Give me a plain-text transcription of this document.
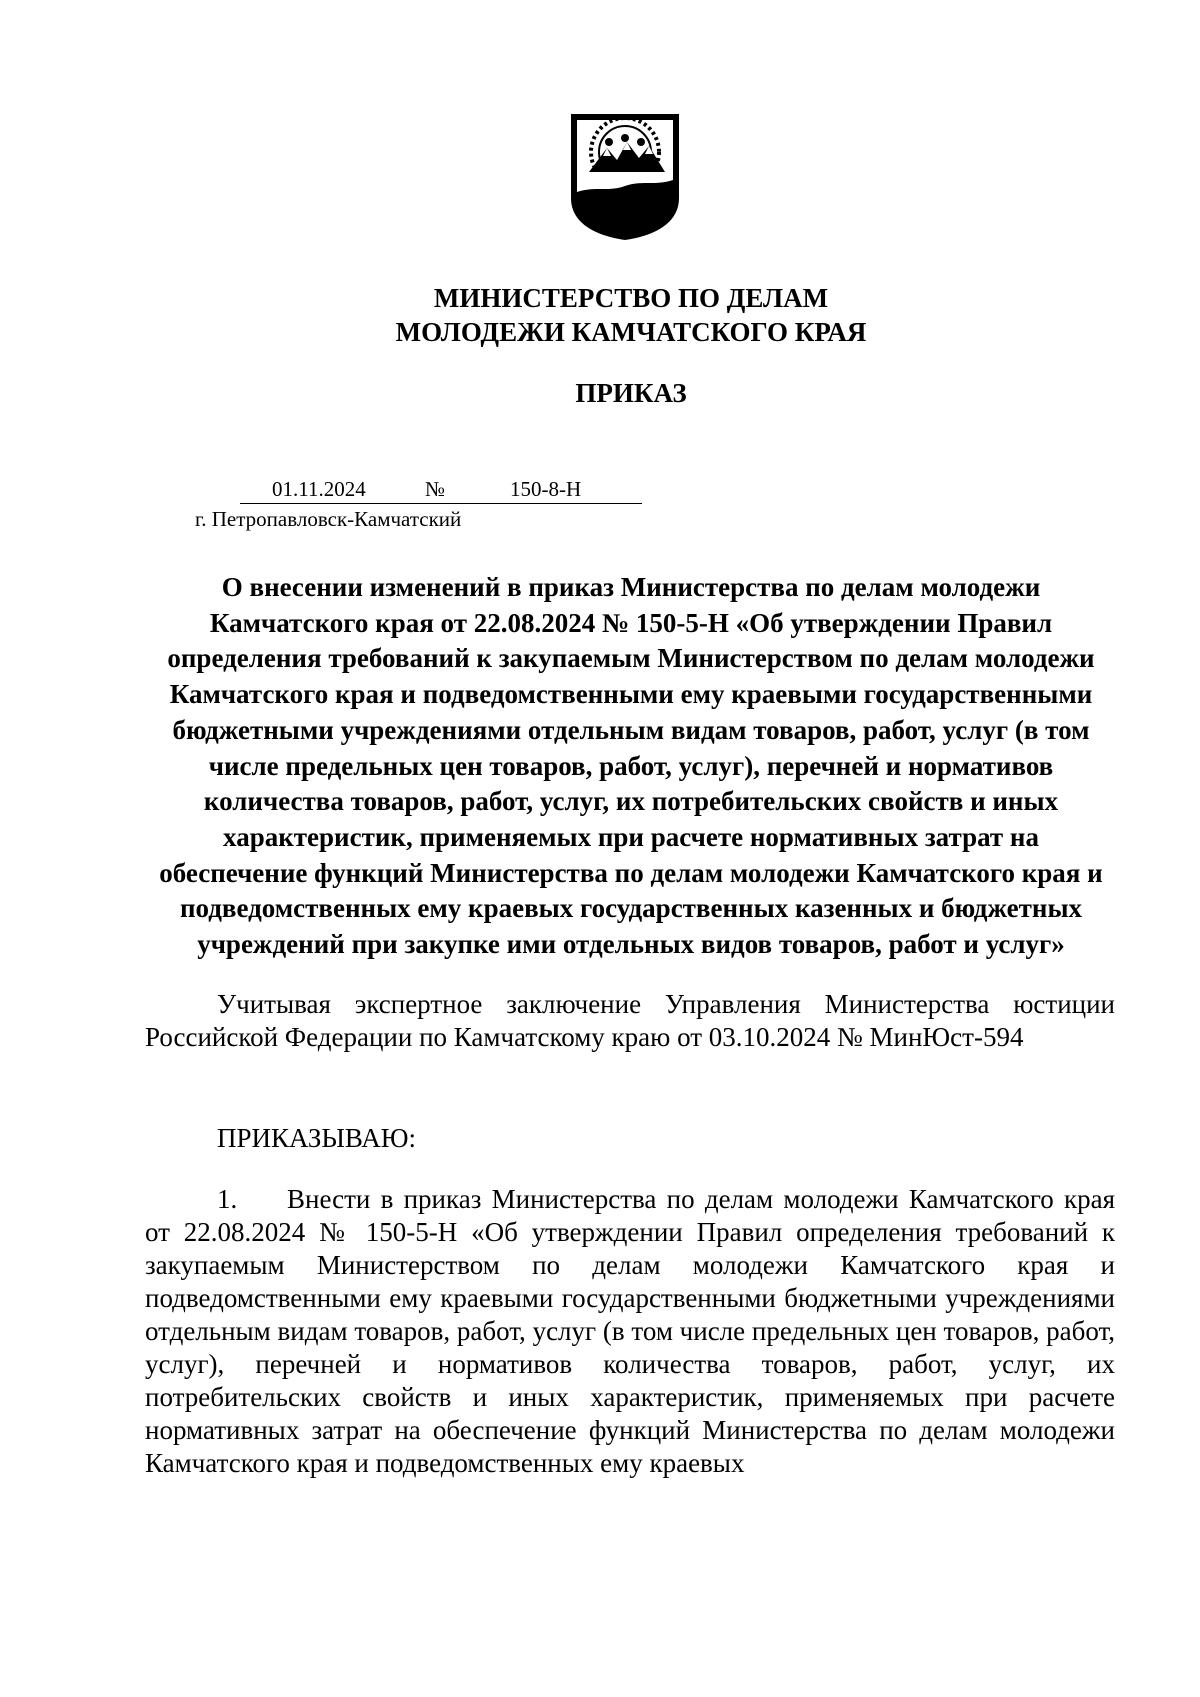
МИНИСТЕРСТВО ПО ДЕЛАМ
МОЛОДЕЖИ КАМЧАТСКОГО КРАЯ
ПРИКАЗ
01.11.2024	№	150-8-Н
г. Петропавловск-Камчатский
О внесении изменений в приказ Министерства по делам молодежи Камчатского края от 22.08.2024 № 150-5-Н «Об утверждении Правил определения требований к закупаемым Министерством по делам молодежи Камчатского края и подведомственными ему краевыми государственными бюджетными учреждениями отдельным видам товаров, работ, услуг (в том числе предельных цен товаров, работ, услуг), перечней и нормативов количества товаров, работ, услуг, их потребительских свойств и иных характеристик, применяемых при расчете нормативных затрат на обеспечение функций Министерства по делам молодежи Камчатского края и подведомственных ему краевых государственных казенных и бюджетных учреждений при закупке ими отдельных видов товаров, работ и услуг»
Учитывая экспертное заключение Управления Министерства юстиции Российской Федерации по Камчатскому краю от 03.10.2024 № МинЮст-594
ПРИКАЗЫВАЮ:
1. Внести в приказ Министерства по делам молодежи Камчатского края от 22.08.2024 № 150-5-Н «Об утверждении Правил определения требований к закупаемым Министерством по делам молодежи Камчатского края и подведомственными ему краевыми государственными бюджетными учреждениями отдельным видам товаров, работ, услуг (в том числе предельных цен товаров, работ, услуг), перечней и нормативов количества товаров, работ, услуг, их потребительских свойств и иных характеристик, применяемых при расчете нормативных затрат на обеспечение функций Министерства по делам молодежи Камчатского края и подведомственных ему краевых
